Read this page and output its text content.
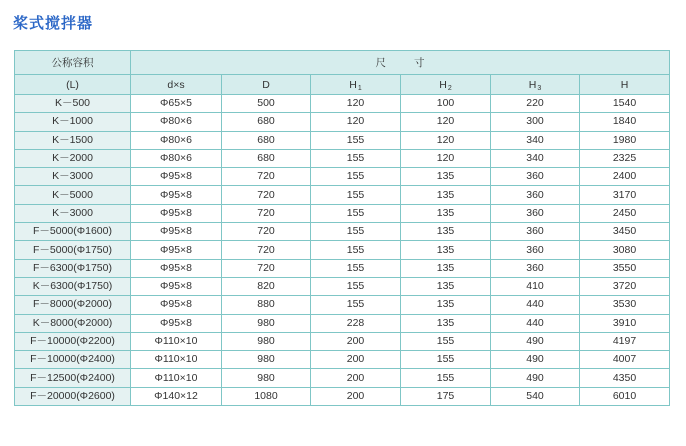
桨式搅拌器
公称容积	尺寸					
(L)	d×s	D	H1	H2	H3	H
K－500	Φ65×5	500	120	100	220	1540
K－1000	Φ80×6	680	120	120	300	1840
K－1500	Φ80×6	680	155	120	340	1980
K－2000	Φ80×6	680	155	120	340	2325
K－3000	Φ95×8	720	155	135	360	2400
K－5000	Φ95×8	720	155	135	360	3170
K－3000	Φ95×8	720	155	135	360	2450
F－5000(Φ1600)	Φ95×8	720	155	135	360	3450
F－5000(Φ1750)	Φ95×8	720	155	135	360	3080
F－6300(Φ1750)	Φ95×8	720	155	135	360	3550
K－6300(Φ1750)	Φ95×8	820	155	135	410	3720
F－8000(Φ2000)	Φ95×8	880	155	135	440	3530
K－8000(Φ2000)	Φ95×8	980	228	135	440	3910
F－10000(Φ2200)	Φ110×10	980	200	155	490	4197
F－10000(Φ2400)	Φ110×10	980	200	155	490	4007
F－12500(Φ2400)	Φ110×10	980	200	155	490	4350
F－20000(Φ2600)	Φ140×12	1080	200	175	540	6010
